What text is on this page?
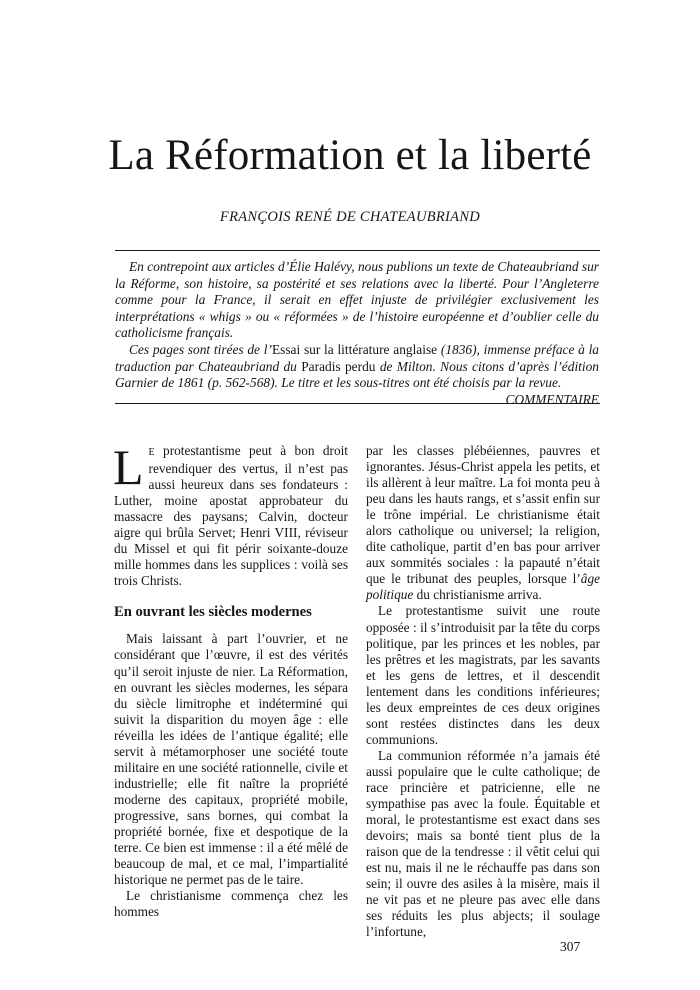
La Réformation et la liberté
FRANÇOIS RENÉ DE CHATEAUBRIAND

En contrepoint aux articles d’Élie Halévy, nous publions un texte de Chateaubriand sur la Réforme, son histoire, sa postérité et ses relations avec la liberté. Pour l’Angleterre comme pour la France, il serait en effet injuste de privilégier exclusivement les interprétations « whigs » ou « réformées » de l’histoire européenne et d’oublier celle du catholicisme français.

Ces pages sont tirées de l’Essai sur la littérature anglaise (1836), immense préface à la traduction par Chateaubriand du Paradis perdu de Milton. Nous citons d’après l’édition Garnier de 1861 (p. 562-568). Le titre et les sous-titres ont été choisis par la revue.

COMMENTAIRE

L E protestantisme peut à bon droit revendiquer des vertus, il n’est pas aussi heureux dans ses fondateurs : Luther, moine apostat approbateur du massacre des paysans; Calvin, docteur aigre qui brûla Servet; Henri VIII, réviseur du Missel et qui fit périr soixante-douze mille hommes dans les supplices : voilà ses trois Christs.

En ouvrant les siècles modernes

Mais laissant à part l’ouvrier, et ne considérant que l’œuvre, il est des vérités qu’il seroit injuste de nier. La Réformation, en ouvrant les siècles modernes, les sépara du siècle limitrophe et indéterminé qui suivit la disparition du moyen âge : elle réveilla les idées de l’antique égalité; elle servit à métamorphoser une société toute militaire en une société rationnelle, civile et industrielle; elle fit naître la propriété moderne des capitaux, propriété mobile, progressive, sans bornes, qui combat la propriété bornée, fixe et despotique de la terre. Ce bien est immense : il a été mêlé de beaucoup de mal, et ce mal, l’impartialité historique ne permet pas de le taire.

Le christianisme commença chez les hommes

par les classes plébéiennes, pauvres et ignorantes. Jésus-Christ appela les petits, et ils allèrent à leur maître. La foi monta peu à peu dans les hauts rangs, et s’assit enfin sur le trône impérial. Le christianisme était alors catholique ou universel; la religion, dite catholique, partit d’en bas pour arriver aux sommités sociales : la papauté n’était que le tribunat des peuples, lorsque l’âge politique du christianisme arriva.

Le protestantisme suivit une route opposée : il s’introduisit par la tête du corps politique, par les princes et les nobles, par les prêtres et les magistrats, par les savants et les gens de lettres, et il descendit lentement dans les conditions inférieures; les deux empreintes de ces deux origines sont restées distinctes dans les deux communions.

La communion réformée n’a jamais été aussi populaire que le culte catholique; de race princière et patricienne, elle ne sympathise pas avec la foule. Équitable et moral, le protestantisme est exact dans ses devoirs; mais sa bonté tient plus de la raison que de la tendresse : il vêtit celui qui est nu, mais il ne le réchauffe pas dans son sein; il ouvre des asiles à la misère, mais il ne vit pas et ne pleure pas avec elle dans ses réduits les plus abjects; il soulage l’infortune,

307
